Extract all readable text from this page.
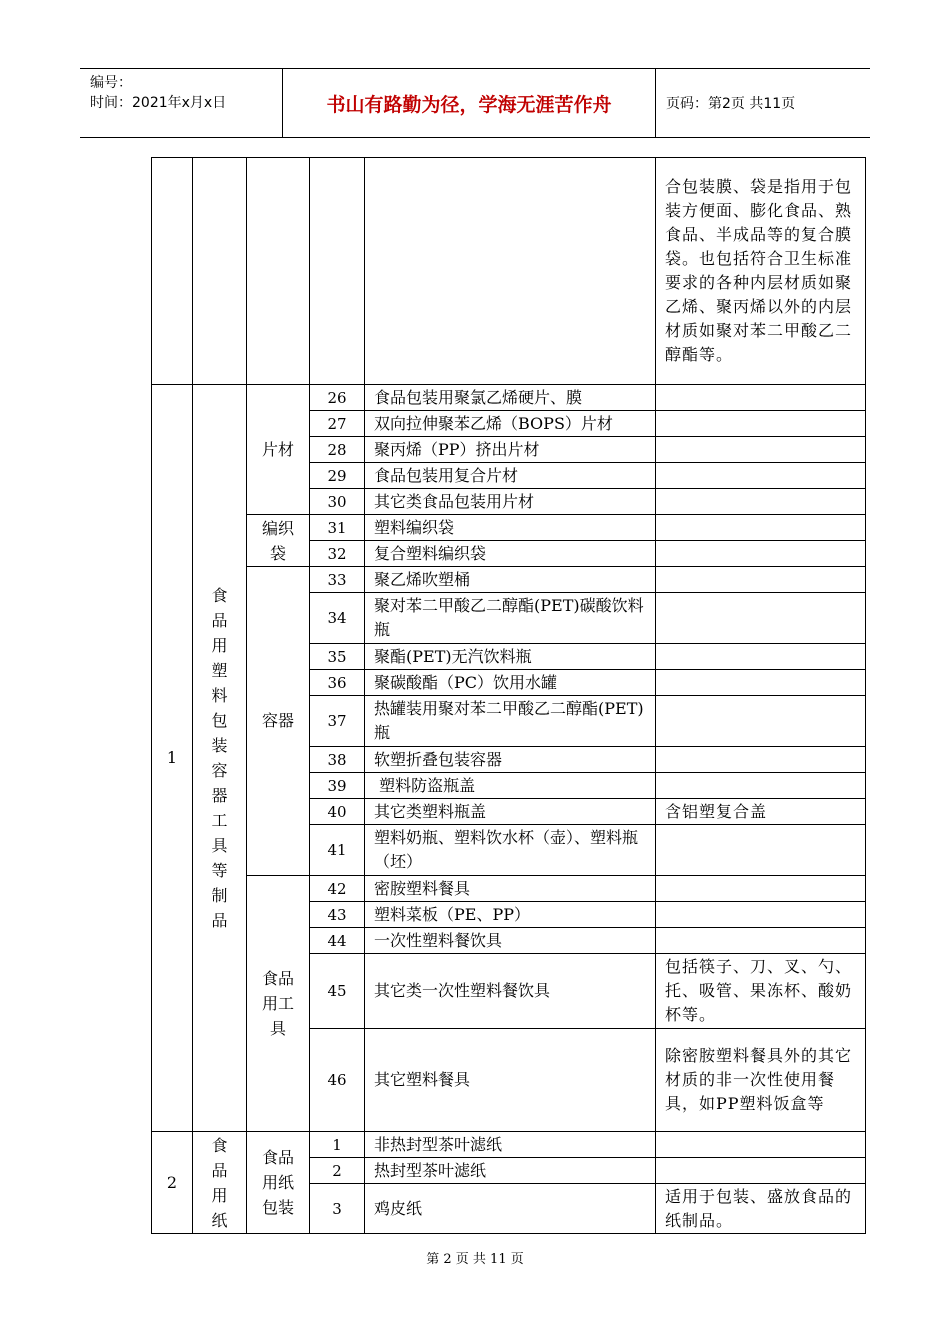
编号：
时间：2021年x月x日	书山有路勤为径，学海无涯苦作舟	页码：第2页 共11页
					合包装膜、袋是指用于包装方便面、膨化食品、熟食品、半成品等的复合膜袋。也包括符合卫生标准要求的各种内层材质如聚乙烯、聚丙烯以外的内层材质如聚对苯二甲酸乙二醇酯等。
1	食品用塑料包装容器工具等制品	片材	26	食品包装用聚氯乙烯硬片、膜	
			27	双向拉伸聚苯乙烯（BOPS）片材	
			28	聚丙烯（PP）挤出片材	
			29	食品包装用复合片材	
			30	其它类食品包装用片材	
		编织袋	31	塑料编织袋	
			32	复合塑料编织袋	
		容器	33	聚乙烯吹塑桶	
			34	聚对苯二甲酸乙二醇酯(PET)碳酸饮料瓶	
			35	聚酯(PET)无汽饮料瓶	
			36	聚碳酸酯（PC）饮用水罐	
			37	热罐装用聚对苯二甲酸乙二醇酯(PET)瓶	
			38	软塑折叠包装容器	
			39	塑料防盗瓶盖	
			40	其它类塑料瓶盖	含铝塑复合盖
			41	塑料奶瓶、塑料饮水杯（壶）、塑料瓶（坯）	
		食品用工具	42	密胺塑料餐具	
			43	塑料菜板（PE、PP）	
			44	一次性塑料餐饮具	
			45	其它类一次性塑料餐饮具	包括筷子、刀、叉、勺、托、吸管、果冻杯、酸奶杯等。
			46	其它塑料餐具	除密胺塑料餐具外的其它材质的非一次性使用餐具，如PP塑料饭盒等
2	食品用纸	食品用纸包装	1	非热封型茶叶滤纸	
			2	热封型茶叶滤纸	
			3	鸡皮纸	适用于包装、盛放食品的纸制品。
第 2 页 共 11 页
